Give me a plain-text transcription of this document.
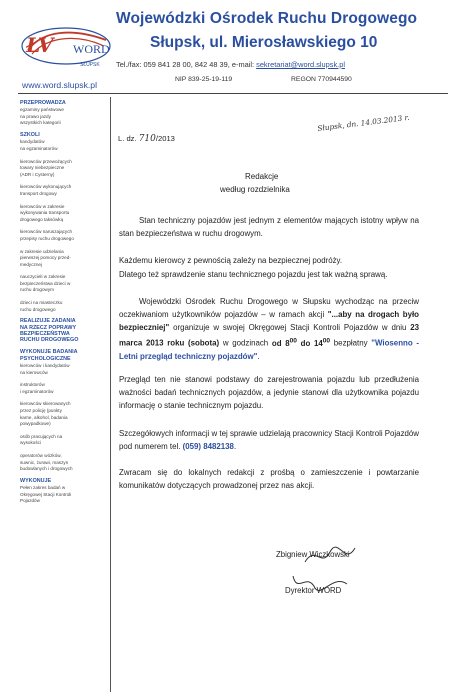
ŁV WORD
SŁUPSK
Wojewódzki Ośrodek Ruchu Drogowego
Słupsk, ul. Mierosławskiego 10
Tel./fax: 059 841 28 00, 842 48 39, e-mail: sekretariat@word.slupsk.pl
www.word.slupsk.pl
NIP 839-25-19-119	REGON 770944590
PRZEPROWADZA
egzaminy państwowe
na prawo jazdy
wszystkich kategorii
SZKOLI
kandydatów
na egzaminatorów
kierowców przewożących
towary niebezpieczne
(ADR i Cysterny)
kierowców wykonujących
transport drogowy
kierowców w zakresie
wykonywania transportu
drogowego taksówką
kierowców naruszających
przepisy ruchu drogowego
w zakresie udzielania
pierwszej pomocy przed-
medycznej
nauczycieli w zakresie
bezpieczeństwa dzieci w
ruchu drogowym
dzieci na miasteczku
ruchu drogowego
REALIZUJE ZADANIA
NA RZECZ POPRAWY
BEZPIECZEŃSTWA
RUCHU DROGOWEGO
WYKONUJE BADANIA
PSYCHOLOGICZNE
kierowców i kandydatów
na kierowców
instruktorów
i egzaminatorów
kierowców skierowanych
przez policję (punkty
karne, alkohol, badania
powypadkowe)
osób pracujących na
wysokości
operatorów wózków,
suwnic, żurawi, maszyn
budowlanych i drogowych
WYKONUJE
Pełen zakres badań w
Okręgowej Stacji Kontroli
Pojazdów
L. dz. 710/2013
Słupsk, dn. 14.03.2013 r.
Redakcje
według rozdzielnika
Stan techniczny pojazdów jest jednym z elementów mających istotny wpływ na stan bezpieczeństwa w ruchu drogowym.
Każdemu kierowcy z pewnością zależy na bezpiecznej podróży.
Dlatego też sprawdzenie stanu technicznego pojazdu jest tak ważną sprawą.
Wojewódzki Ośrodek Ruchu Drogowego w Słupsku wychodząc na przeciw oczekiwaniom użytkowników pojazdów – w ramach akcji "...aby na drogach było bezpieczniej" organizuje w swojej Okręgowej Stacji Kontroli Pojazdów w dniu 23 marca 2013 roku (sobota) w godzinach od $8^{00}$ do $14^{00}$ bezpłatny "Wiosenno - Letni przegląd techniczny pojazdów".
Przegląd ten nie stanowi podstawy do zarejestrowania pojazdu lub przedłużenia ważności badań technicznych pojazdów, a jedynie stanowi dla użytkownika pojazdu informację o stanie technicznym pojazdu.
Szczegółowych informacji w tej sprawie udzielają pracownicy Stacji Kontroli Pojazdów pod numerem tel. (059) 8482138.
Zwracam się do lokalnych redakcji z prośbą o zamieszczenie i powtarzanie komunikatów dotyczących prowadzonej przez nas akcji.
Zbigniew Wiczkowski
Dyrektor WORD
